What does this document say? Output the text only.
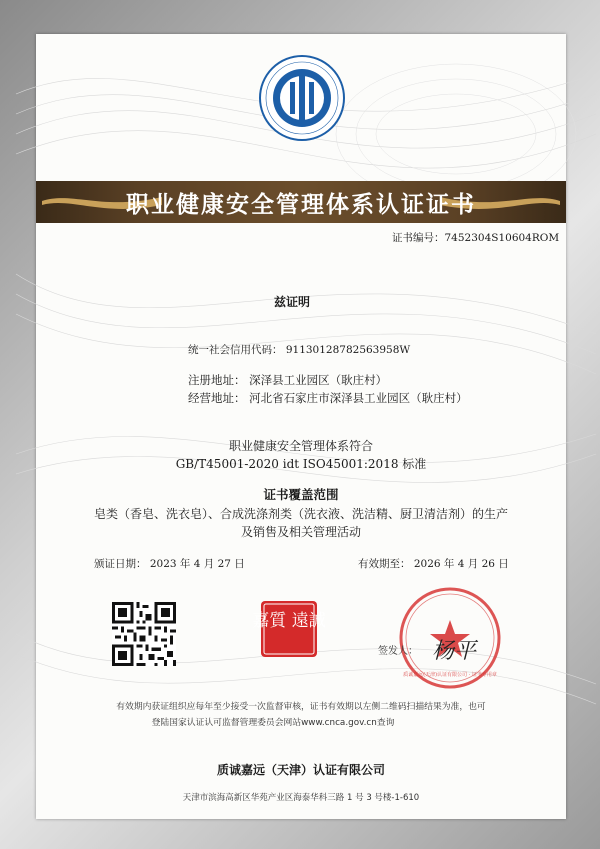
职业健康安全管理体系认证证书
证书编号：7452304S10604ROM
兹证明
统一社会信用代码： 91130128782563958W
注册地址： 深泽县工业园区（耿庄村）
经营地址： 河北省石家庄市深泽县工业园区（耿庄村）
职业健康安全管理体系符合
GB/T45001-2020 idt ISO45001:2018 标准
证书覆盖范围
皂类（香皂、洗衣皂）、合成洗涤剂类（洗衣液、洗洁精、厨卫清洁剂）的生产
及销售及相关管理活动
颁证日期： 2023 年 4 月 27 日	有效期至： 2026 年 4 月 26 日
嘉質 遠誠
质诚嘉远(天津)认证有限公司 · 证书专用章
签发人： 杨平
有效期内获证组织应每年至少接受一次监督审核，证书有效期以左侧二维码扫描结果为准，也可
登陆国家认证认可监督管理委员会网站www.cnca.gov.cn查询
质诚嘉远（天津）认证有限公司
天津市滨海高新区华苑产业区海泰华科三路 1 号 3 号楼-1-610
